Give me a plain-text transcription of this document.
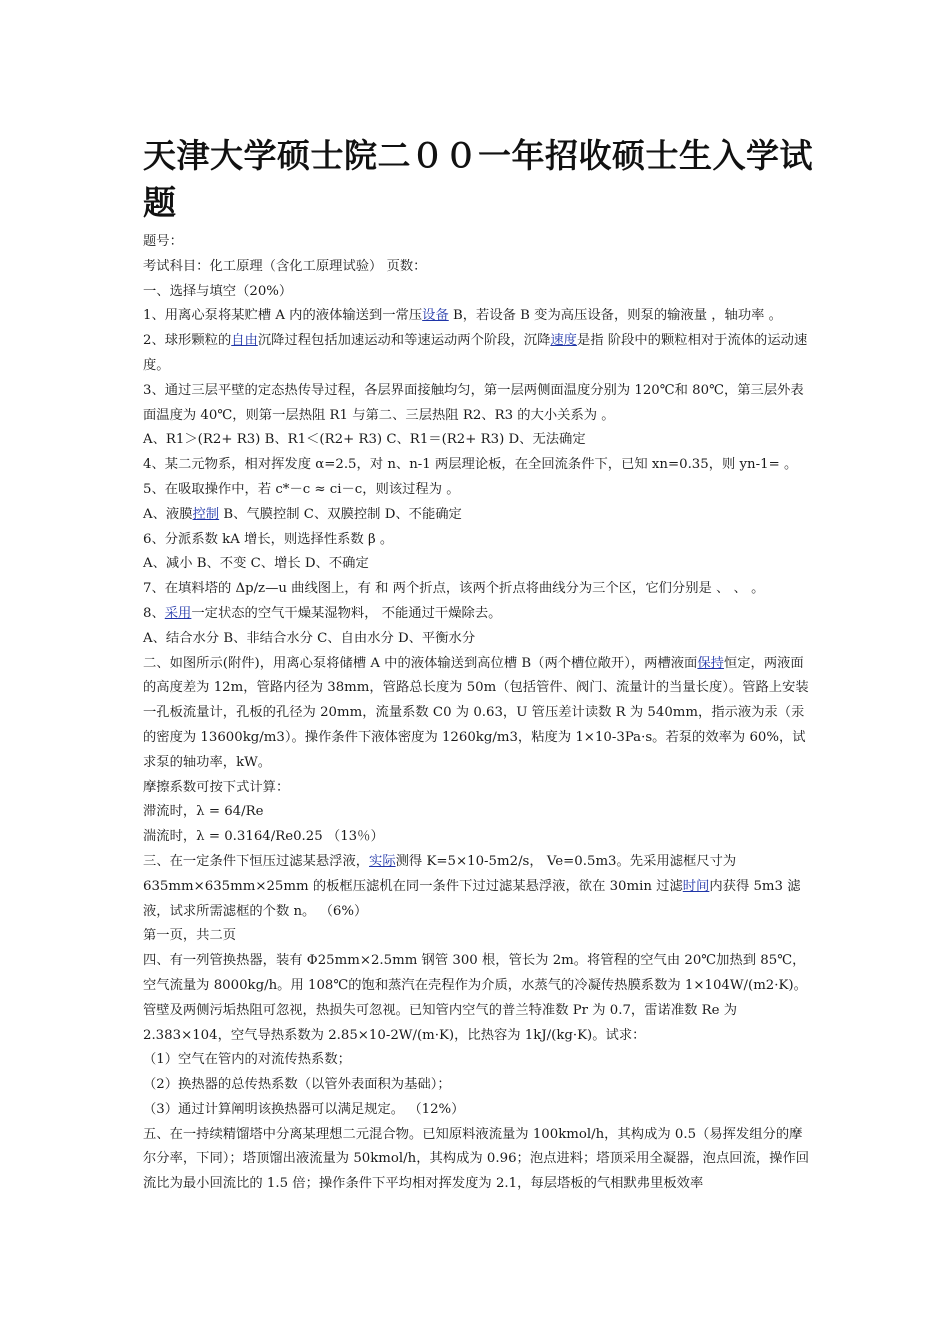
天津大学硕士院二００一年招收硕士生入学试题

题号：

考试科目：化工原理（含化工原理试验） 页数：

一、选择与填空（20%）

1、用离心泵将某贮槽 A 内的液体输送到一常压设备 B，若设备 B 变为高压设备，则泵的输液量 ，轴功率 。

2、球形颗粒的自由沉降过程包括加速运动和等速运动两个阶段，沉降速度是指 阶段中的颗粒相对于流体的运动速度。

3、通过三层平壁的定态热传导过程，各层界面接触均匀，第一层两侧面温度分别为 120℃和 80℃，第三层外表面温度为 40℃，则第一层热阻 R1 与第二、三层热阻 R2、R3 的大小关系为 。

A、R1＞(R2+ R3) B、R1＜(R2+ R3) C、R1＝(R2+ R3) D、无法确定

4、某二元物系，相对挥发度 α=2.5，对 n、n-1 两层理论板，在全回流条件下，已知 xn=0.35，则 yn-1= 。

5、在吸取操作中，若 c*－c ≈ ci－c，则该过程为 。

A、液膜控制 B、气膜控制 C、双膜控制 D、不能确定

6、分派系数 kA 增长，则选择性系数 β 。

A、减小 B、不变 C、增长 D、不确定

7、在填料塔的 Δp/z—u 曲线图上，有 和 两个折点，该两个折点将曲线分为三个区，它们分别是 、 、 。

8、采用一定状态的空气干燥某湿物料， 不能通过干燥除去。

A、结合水分 B、非结合水分 C、自由水分 D、平衡水分

二、如图所示(附件)，用离心泵将储槽 A 中的液体输送到高位槽 B（两个槽位敞开），两槽液面保持恒定，两液面的高度差为 12m，管路内径为 38mm，管路总长度为 50m（包括管件、阀门、流量计的当量长度）。管路上安装一孔板流量计，孔板的孔径为 20mm，流量系数 C0 为 0.63，U 管压差计读数 R 为 540mm，指示液为汞（汞的密度为 13600kg/m3）。操作条件下液体密度为 1260kg/m3，粘度为 1×10-3Pa·s。若泵的效率为 60%，试求泵的轴功率，kW。

摩擦系数可按下式计算：

滞流时，λ = 64/Re

湍流时，λ = 0.3164/Re0.25 （13％）

三、在一定条件下恒压过滤某悬浮液，实际测得 K=5×10-5m2/s， Ve=0.5m3。先采用滤框尺寸为 635mm×635mm×25mm 的板框压滤机在同一条件下过过滤某悬浮液，欲在 30min 过滤时间内获得 5m3 滤液，试求所需滤框的个数 n。 （6%）

第一页，共二页

四、有一列管换热器，装有 Φ25mm×2.5mm 钢管 300 根，管长为 2m。将管程的空气由 20℃加热到 85℃，空气流量为 8000kg/h。用 108℃的饱和蒸汽在壳程作为介质，水蒸气的冷凝传热膜系数为 1×104W/(m2·K)。管壁及两侧污垢热阻可忽视，热损失可忽视。已知管内空气的普兰特准数 Pr 为 0.7，雷诺准数 Re 为 2.383×104，空气导热系数为 2.85×10-2W/(m·K)，比热容为 1kJ/(kg·K)。试求：

（1）空气在管内的对流传热系数；

（2）换热器的总传热系数（以管外表面积为基础）；

（3）通过计算阐明该换热器可以满足规定。 （12%）

五、在一持续精馏塔中分离某理想二元混合物。已知原料液流量为 100kmol/h，其构成为 0.5（易挥发组分的摩尔分率，下同）；塔顶馏出液流量为 50kmol/h，其构成为 0.96；泡点进料；塔顶采用全凝器，泡点回流，操作回流比为最小回流比的 1.5 倍；操作条件下平均相对挥发度为 2.1，每层塔板的气相默弗里板效率
